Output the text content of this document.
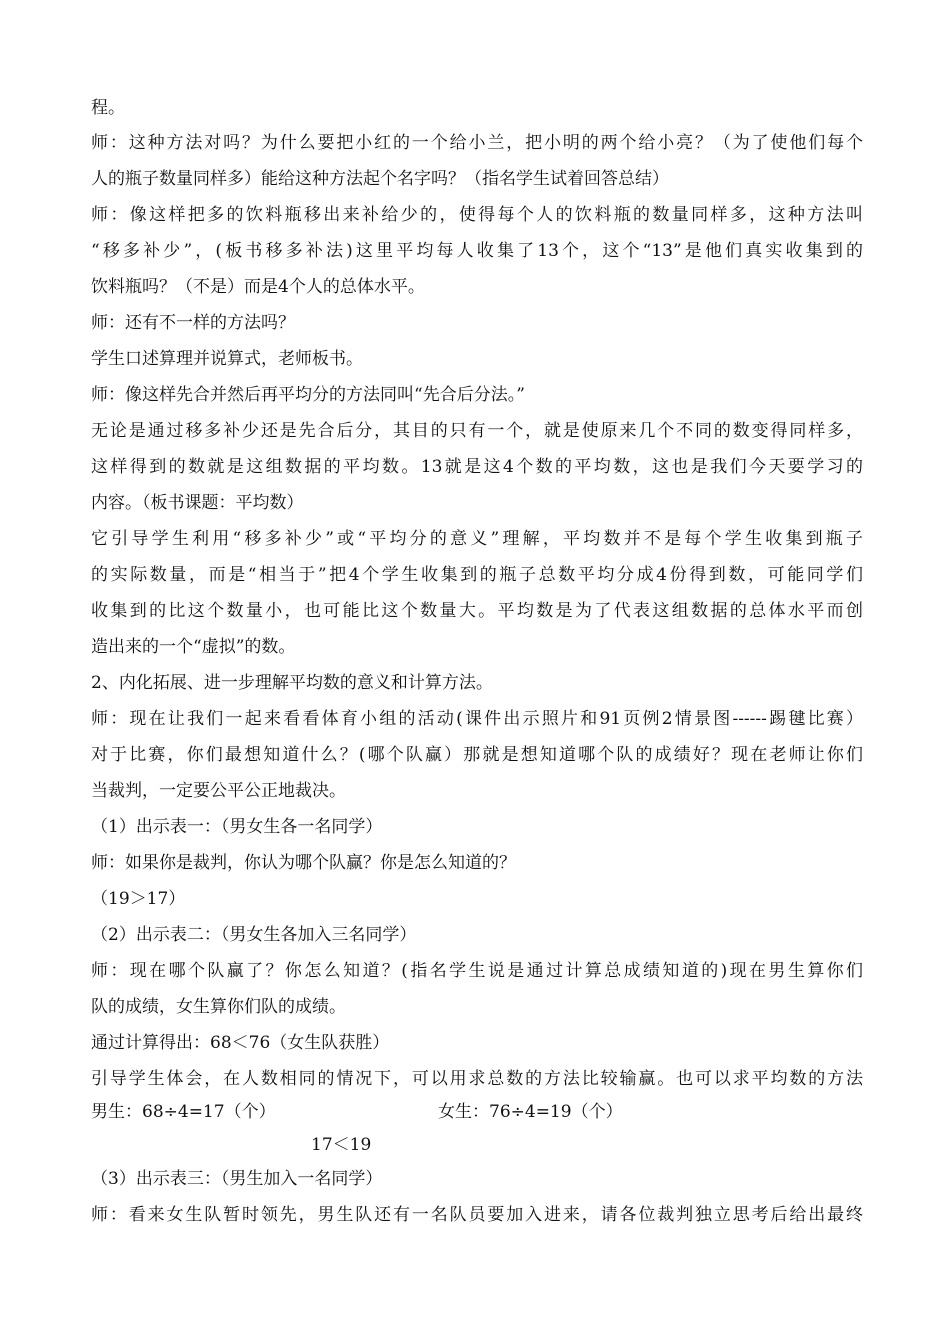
程。
师：这种方法对吗？为什么要把小红的一个给小兰，把小明的两个给小亮？（为了使他们每个
人的瓶子数量同样多）能给这种方法起个名字吗？（指名学生试着回答总结）
师：像这样把多的饮料瓶移出来补给少的，使得每个人的饮料瓶的数量同样多，这种方法叫
“移多补少”，(板书移多补法)这里平均每人收集了13个，这个“13”是他们真实收集到的
饮料瓶吗？（不是）而是4个人的总体水平。
师：还有不一样的方法吗？
学生口述算理并说算式，老师板书。
师：像这样先合并然后再平均分的方法同叫“先合后分法。”
无论是通过移多补少还是先合后分，其目的只有一个，就是使原来几个不同的数变得同样多，
这样得到的数就是这组数据的平均数。13就是这4个数的平均数，这也是我们今天要学习的
内容。（板书课题：平均数）
它引导学生利用“移多补少”或“平均分的意义”理解，平均数并不是每个学生收集到瓶子
的实际数量，而是“相当于”把4个学生收集到的瓶子总数平均分成4份得到数，可能同学们
收集到的比这个数量小，也可能比这个数量大。平均数是为了代表这组数据的总体水平而创
造出来的一个“虚拟”的数。
2、内化拓展、进一步理解平均数的意义和计算方法。
师：现在让我们一起来看看体育小组的活动(课件出示照片和91页例2情景图------踢毽比赛）
对于比赛，你们最想知道什么？(哪个队赢）那就是想知道哪个队的成绩好？现在老师让你们
当裁判，一定要公平公正地裁决。
（1）出示表一：（男女生各一名同学）
师：如果你是裁判，你认为哪个队赢？你是怎么知道的？
（19＞17）
（2）出示表二：（男女生各加入三名同学）
师：现在哪个队赢了？你怎么知道？(指名学生说是通过计算总成绩知道的)现在男生算你们
队的成绩，女生算你们队的成绩。
通过计算得出：68＜76（女生队获胜）
引导学生体会，在人数相同的情况下，可以用求总数的方法比较输赢。也可以求平均数的方法
男生：68÷4=17（个）	女生：76÷4=19（个）
17＜19
（3）出示表三：（男生加入一名同学）
师：看来女生队暂时领先，男生队还有一名队员要加入进来，请各位裁判独立思考后给出最终
